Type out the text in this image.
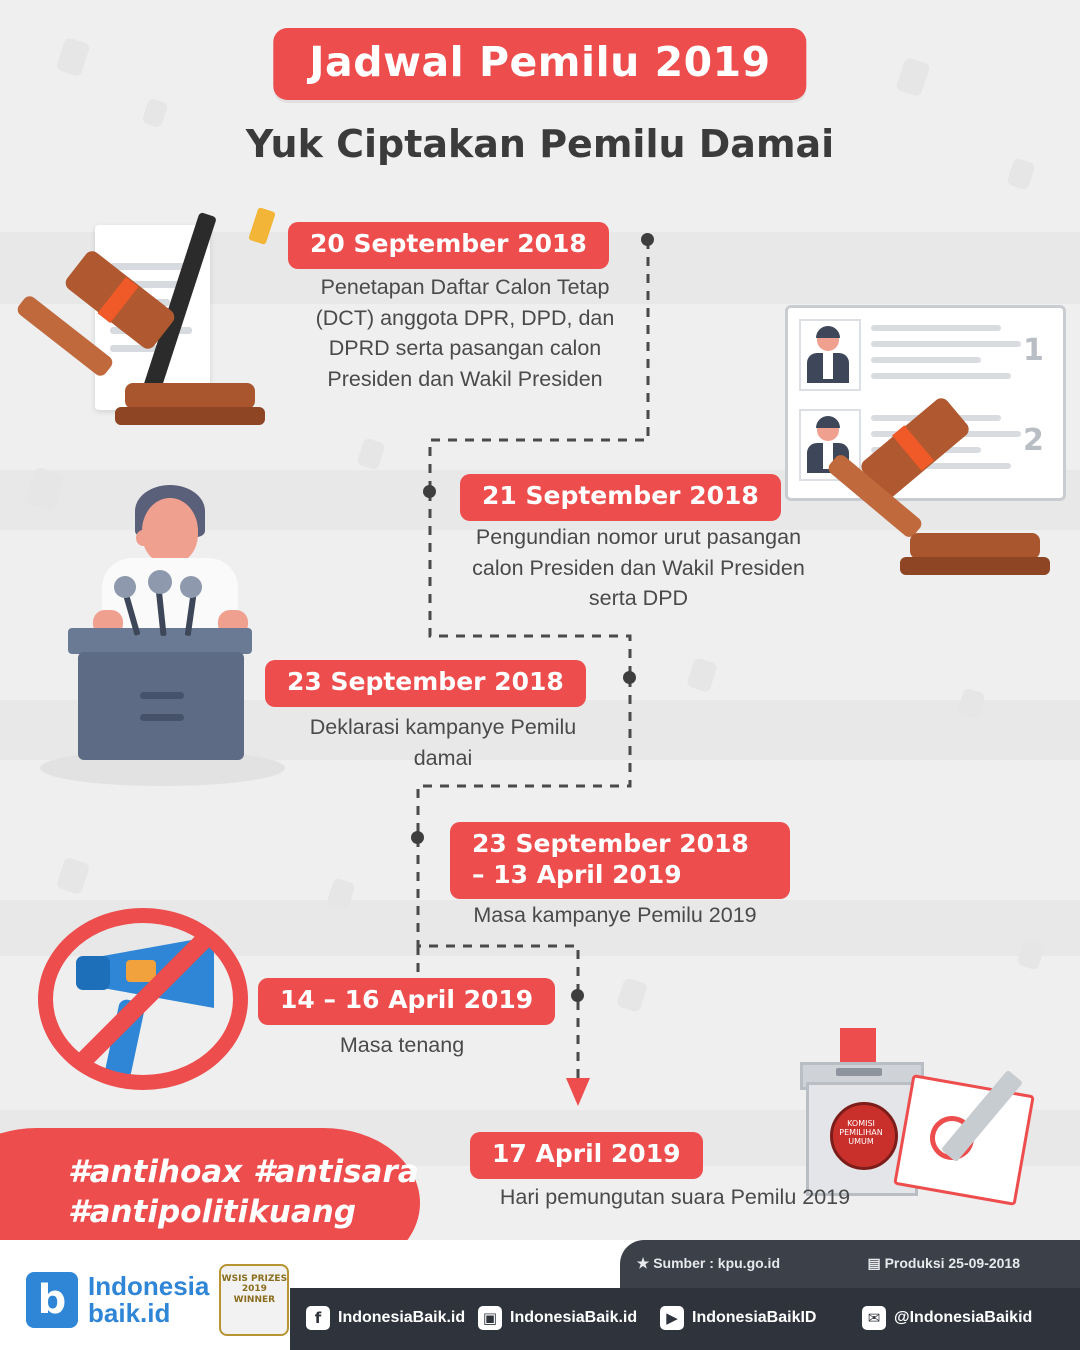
Jadwal Pemilu 2019
Yuk Ciptakan Pemilu Damai
1
2
KOMISI PEMILIHAN UMUM
20 September 2018
Penetapan Daftar Calon Tetap (DCT) anggota DPR, DPD, dan DPRD serta pasangan calon Presiden dan Wakil Presiden
21 September 2018
Pengundian nomor urut pasangan calon Presiden dan Wakil Presiden serta DPD
23 September 2018
Deklarasi kampanye Pemilu damai
23 September 2018 – 13 April 2019
Masa kampanye Pemilu 2019
14 – 16 April 2019
Masa tenang
17 April 2019
Hari pemungutan suara Pemilu 2019
#antihoax #antisara
#antipolitikuang
★ Sumber : kpu.go.id	▤ Produksi 25-09-2018
f	IndonesiaBaik.id	▣ IndonesiaBaik.id	▶ IndonesiaBaikID	✉ @IndonesiaBaikid
b Indonesia
baik.id
WSIS PRIZES 2019 WINNER
